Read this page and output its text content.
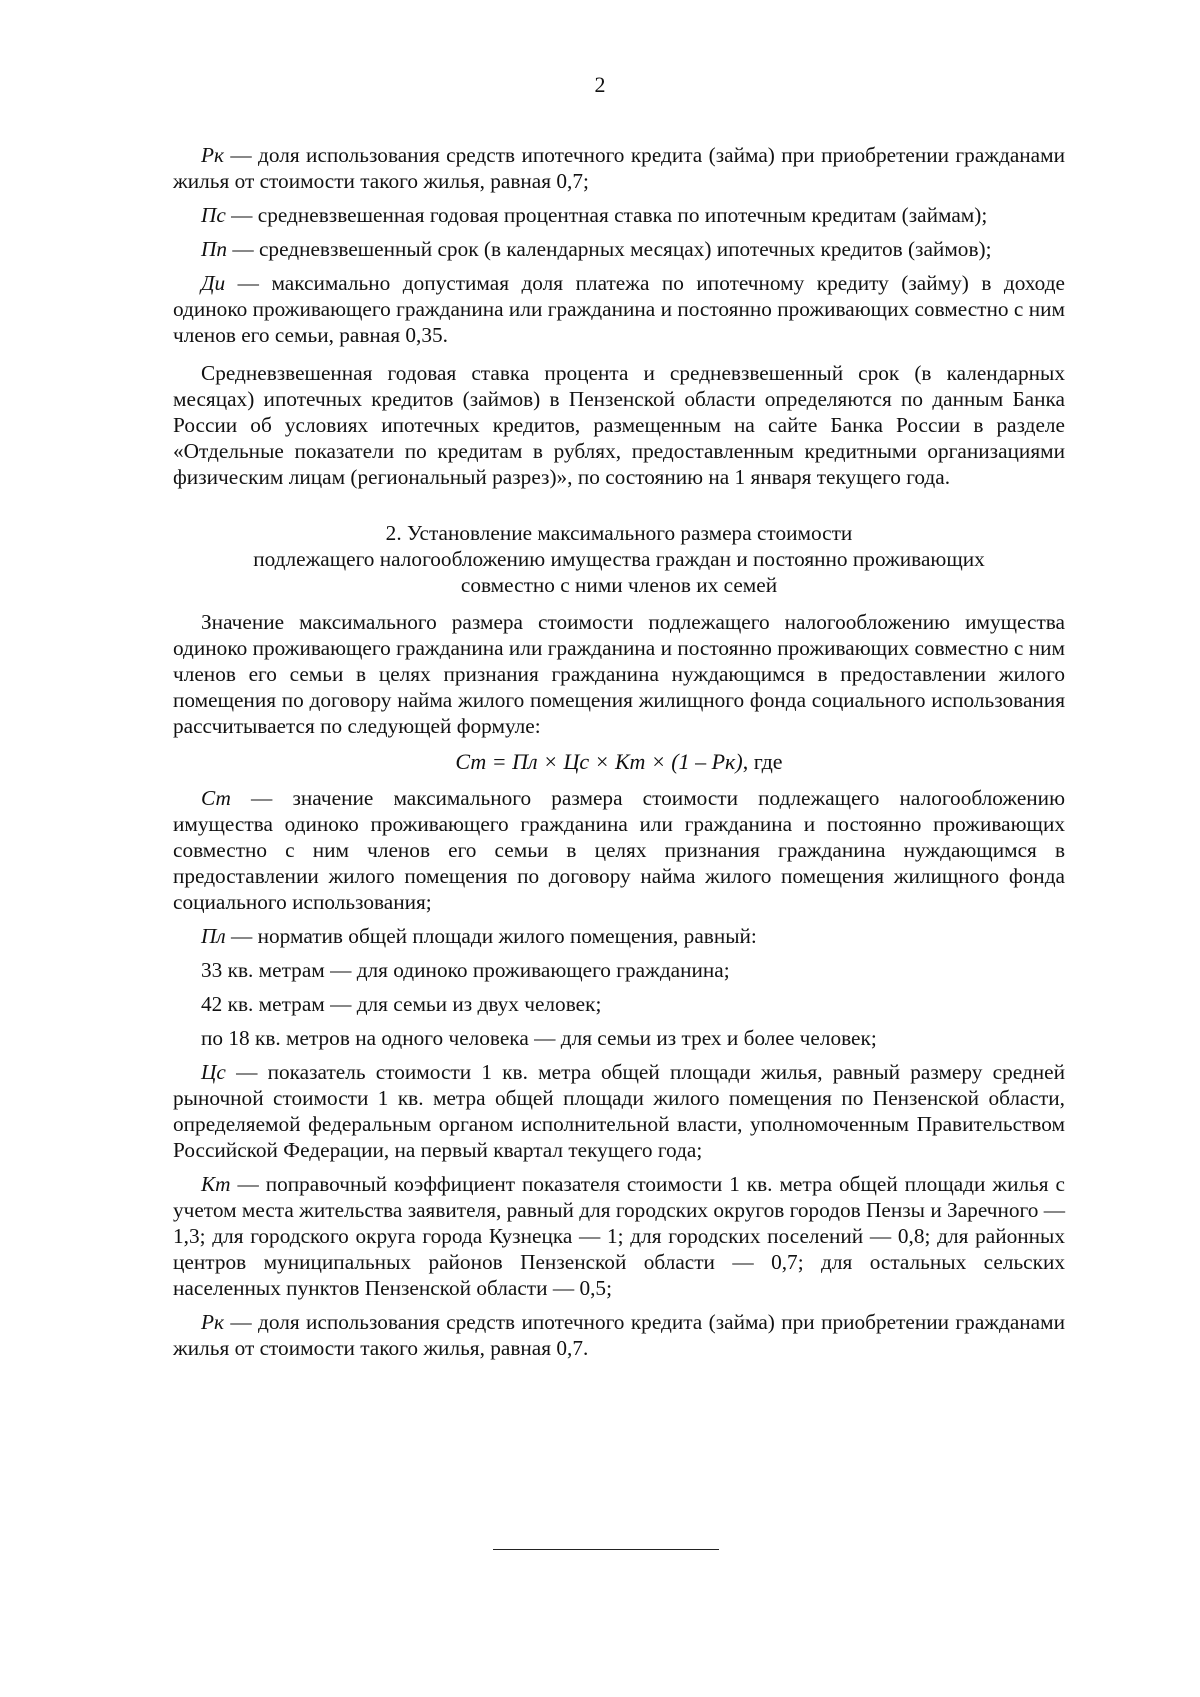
2

Рк — доля использования средств ипотечного кредита (займа) при приобретении гражданами жилья от стоимости такого жилья, равная 0,7;

Пс — средневзвешенная годовая процентная ставка по ипотечным кредитам (займам);

Пп — средневзвешенный срок (в календарных месяцах) ипотечных кредитов (займов);

Ди — максимально допустимая доля платежа по ипотечному кредиту (займу) в доходе одиноко проживающего гражданина или гражданина и постоянно проживающих совместно с ним членов его семьи, равная 0,35.

Средневзвешенная годовая ставка процента и средневзвешенный срок (в календарных месяцах) ипотечных кредитов (займов) в Пензенской области определяются по данным Банка России об условиях ипотечных кредитов, размещенным на сайте Банка России в разделе «Отдельные показатели по кредитам в рублях, предоставленным кредитными организациями физическим лицам (региональный разрез)», по состоянию на 1 января текущего года.

2. Установление максимального размера стоимости
подлежащего налогообложению имущества граждан и постоянно проживающих
совместно с ними членов их семей

Значение максимального размера стоимости подлежащего налогообложению имущества одиноко проживающего гражданина или гражданина и постоянно проживающих совместно с ним членов его семьи в целях признания гражданина нуждающимся в предоставлении жилого помещения по договору найма жилого помещения жилищного фонда социального использования рассчитывается по следующей формуле:

Ст = Пл × Цс × Кт × (1 – Рк), где

Ст — значение максимального размера стоимости подлежащего налогообложению имущества одиноко проживающего гражданина или гражданина и постоянно проживающих совместно с ним членов его семьи в целях признания гражданина нуждающимся в предоставлении жилого помещения по договору найма жилого помещения жилищного фонда социального использования;

Пл — норматив общей площади жилого помещения, равный:

33 кв. метрам — для одиноко проживающего гражданина;

42 кв. метрам — для семьи из двух человек;

по 18 кв. метров на одного человека — для семьи из трех и более человек;

Цс — показатель стоимости 1 кв. метра общей площади жилья, равный размеру средней рыночной стоимости 1 кв. метра общей площади жилого помещения по Пензенской области, определяемой федеральным органом исполнительной власти, уполномоченным Правительством Российской Федерации, на первый квартал текущего года;

Кт — поправочный коэффициент показателя стоимости 1 кв. метра общей площади жилья с учетом места жительства заявителя, равный для городских округов городов Пензы и Заречного — 1,3; для городского округа города Кузнецка — 1; для городских поселений — 0,8; для районных центров муниципальных районов Пензенской области — 0,7; для остальных сельских населенных пунктов Пензенской области — 0,5;

Рк — доля использования средств ипотечного кредита (займа) при приобретении гражданами жилья от стоимости такого жилья, равная 0,7.
